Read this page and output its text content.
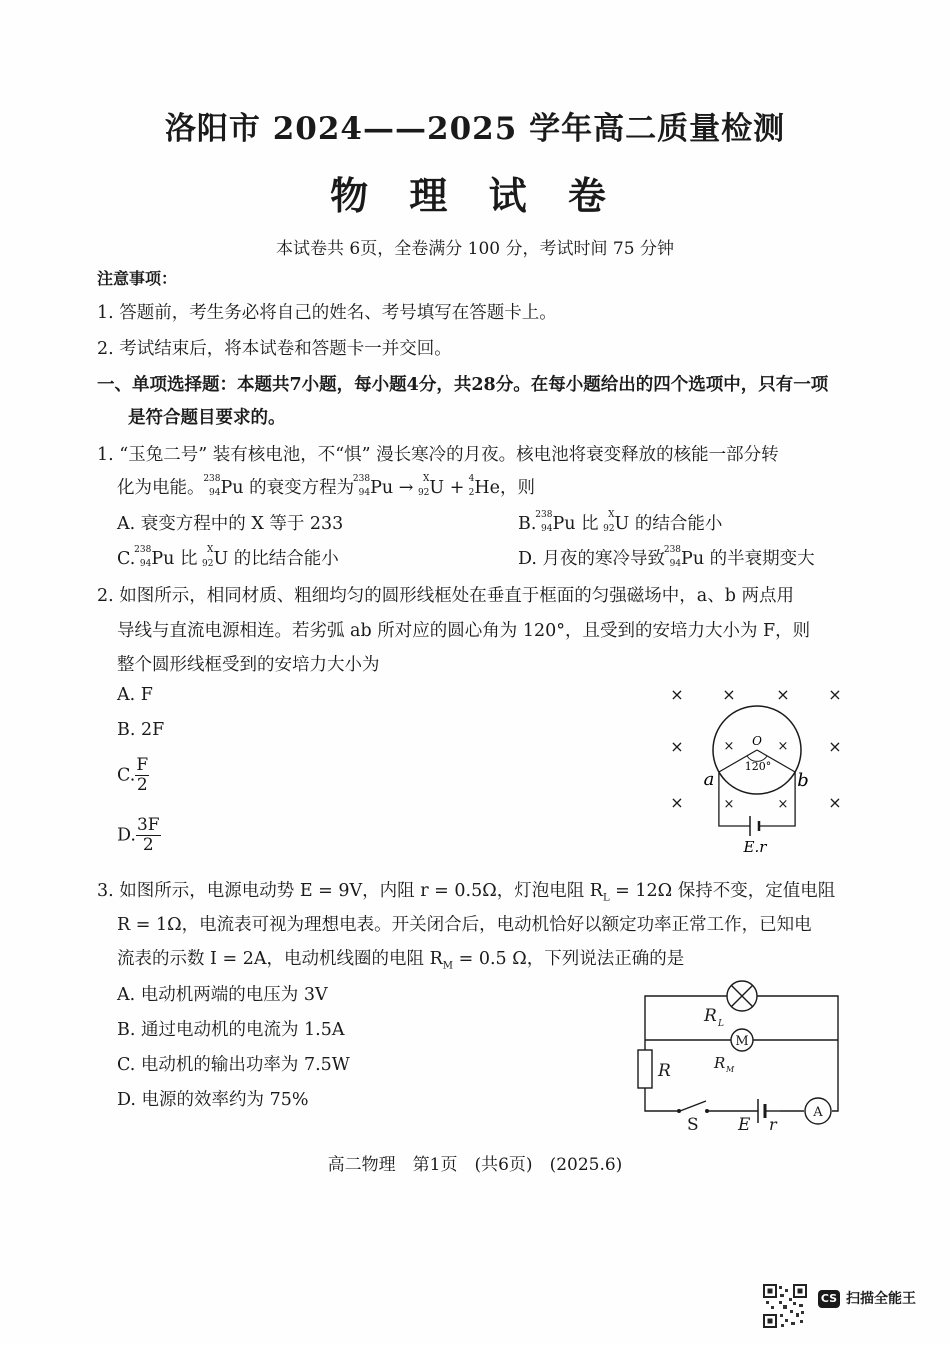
洛阳市 2024——2025 学年高二质量检测
物 理 试 卷
本试卷共 6页，全卷满分 100 分，考试时间 75 分钟
注意事项：
1. 答题前，考生务必将自己的姓名、考号填写在答题卡上。
2. 考试结束后，将本试卷和答题卡一并交回。
一、单项选择题：本题共7小题，每小题4分，共28分。在每小题给出的四个选项中，只有一项
是符合题目要求的。
1. “玉兔二号” 装有核电池，不“惧” 漫长寒冷的月夜。核电池将衰变释放的核能一部分转
化为电能。
238
94 Pu 的衰变方程为
238
94 Pu → X
92 U + 4
2 He，则
A. 衰变方程中的 X 等于 233	B.
238
94 Pu 比 X
92 U 的结合能小
C.
238
94 Pu 比 X
92 U 的比结合能小	D. 月夜的寒冷导致
238
94 Pu 的半衰期变大
2. 如图所示，相同材质、粗细均匀的圆形线框处在垂直于框面的匀强磁场中，a、b 两点用
导线与直流电源相连。若劣弧 ab 所对应的圆心角为 120°，且受到的安培力大小为 F，则
整个圆形线框受到的安培力大小为
A. F
B. 2F
C. $\frac{F}{2}$
D. $\frac{3F}{2}$
× ×	× ×
×	×
×	×
×	×
×	×
O
120°
a	b
E.r
3. 如图所示，电源电动势 E = 9V，内阻 r = 0.5Ω，灯泡电阻 $R_L = 12\Omega$ 保持不变，定值电阻
R = 1Ω，电流表可视为理想电表。开关闭合后，电动机恰好以额定功率正常工作，已知电
流表的示数 I = 2A，电动机线圈的电阻 $R_M = 0.5$ Ω，下列说法正确的是
A. 电动机两端的电压为 3V
B. 通过电动机的电流为 1.5A
C. 电动机的输出功率为 7.5W
D. 电源的效率约为 75%
M
A
R L
R M
R
S E r
高二物理　第1页　(共6页)　(2025.6)
CS 扫描全能王
